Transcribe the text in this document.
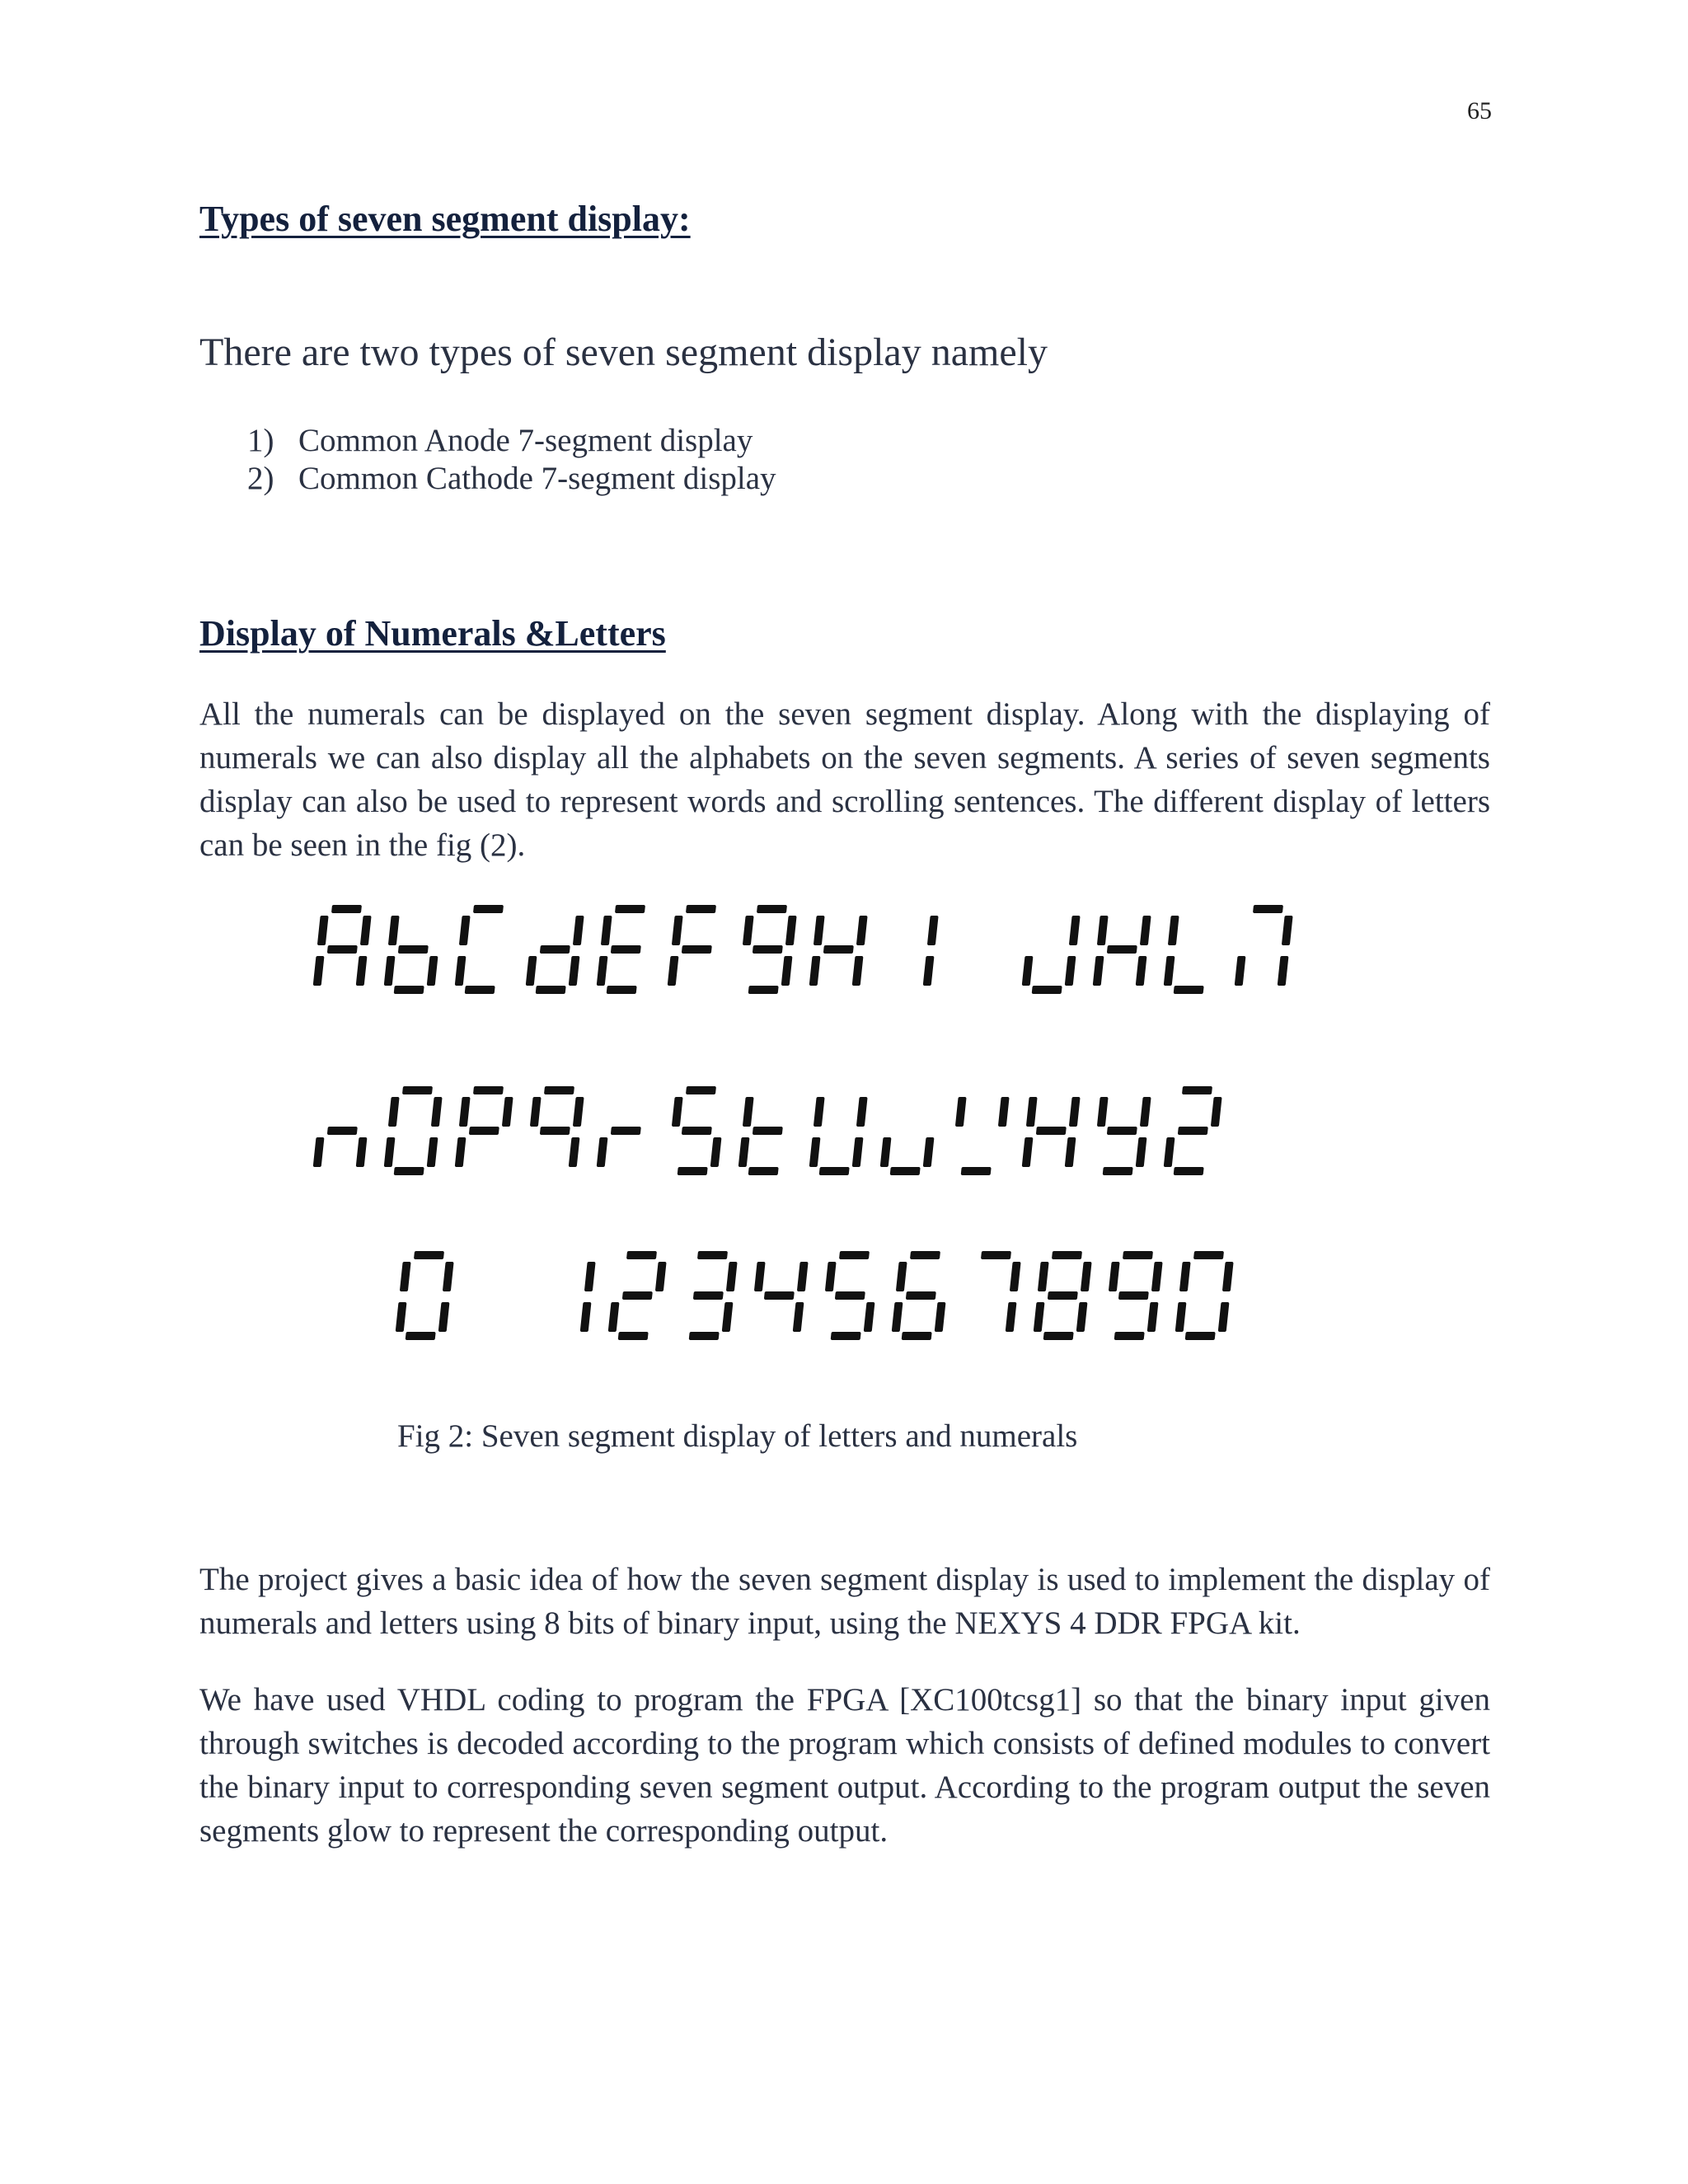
65
Types of seven segment display:

There are two types of seven segment display namely

1) Common Anode 7-segment display
2) Common Cathode 7-segment display
Display of Numerals &Letters

All the numerals can be displayed on the seven segment display. Along with the displaying of numerals we can also display all the alphabets on the seven segments. A series of seven segments display can also be used to represent words and scrolling sentences. The different display of letters can be seen in the fig (2).

Fig 2: Seven segment display of letters and numerals

The project gives a basic idea of how the seven segment display is used to implement the display of numerals and letters using 8 bits of binary input, using the NEXYS 4 DDR FPGA kit.

We have used VHDL coding to program the FPGA [XC100tcsg1] so that the binary input given through switches is decoded according to the program which consists of defined modules to convert the binary input to corresponding seven segment output. According to the program output the seven segments glow to represent the corresponding output.
